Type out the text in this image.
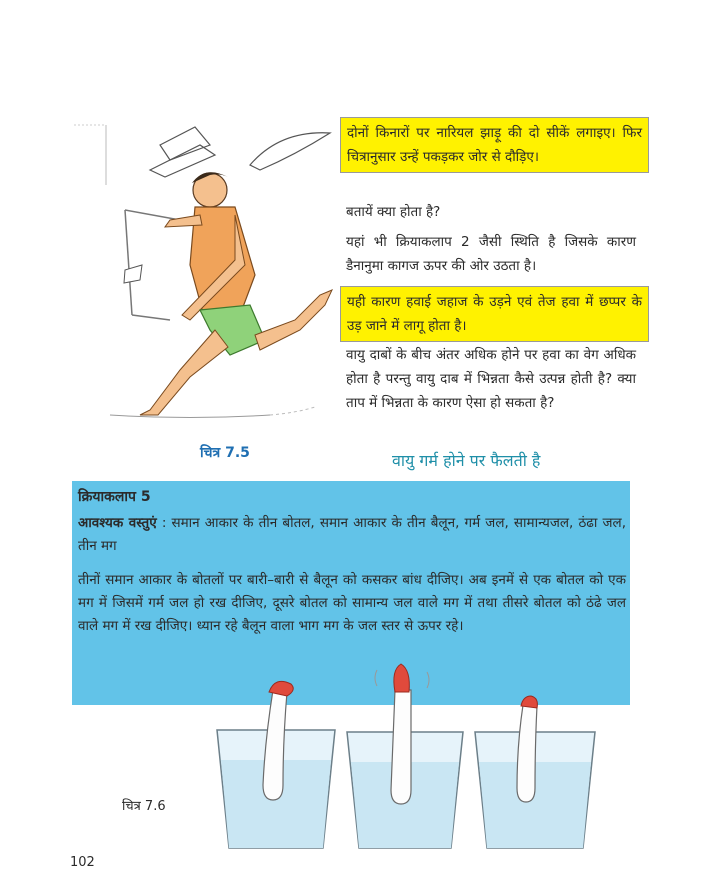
दोनों किनारों पर नारियल झाड़ू की दो सीकें लगाइए। फिर चित्रानुसार उन्हें पकड़कर जोर से दौड़िए।
बतायें क्या होता है?
यहां भी क्रियाकलाप 2 जैसी स्थिति है जिसके कारण डैनानुमा कागज ऊपर की ओर उठता है।
यही कारण हवाई जहाज के उड़ने एवं तेज हवा में छप्पर के उड़ जाने में लागू होता है।
वायु दाबों के बीच अंतर अधिक होने पर हवा का वेग अधिक होता है परन्तु वायु दाब में भिन्नता कैसे उत्पन्न होती है? क्या ताप में भिन्नता के कारण ऐसा हो सकता है?
चित्र 7.5	वायु गर्म होने पर फैलती है
क्रियाकलाप 5
आवश्यक वस्तुएं : समान आकार के तीन बोतल, समान आकार के तीन बैलून, गर्म जल, सामान्यजल, ठंढा जल, तीन मग
तीनों समान आकार के बोतलों पर बारी–बारी से बैलून को कसकर बांध दीजिए। अब इनमें से एक बोतल को एक मग में जिसमें गर्म जल हो रख दीजिए, दूसरे बोतल को सामान्य जल वाले मग में तथा तीसरे बोतल को ठंढे जल वाले मग में रख दीजिए। ध्यान रहे बैलून वाला भाग मग के जल स्तर से ऊपर रहे।
चित्र 7.6
102
